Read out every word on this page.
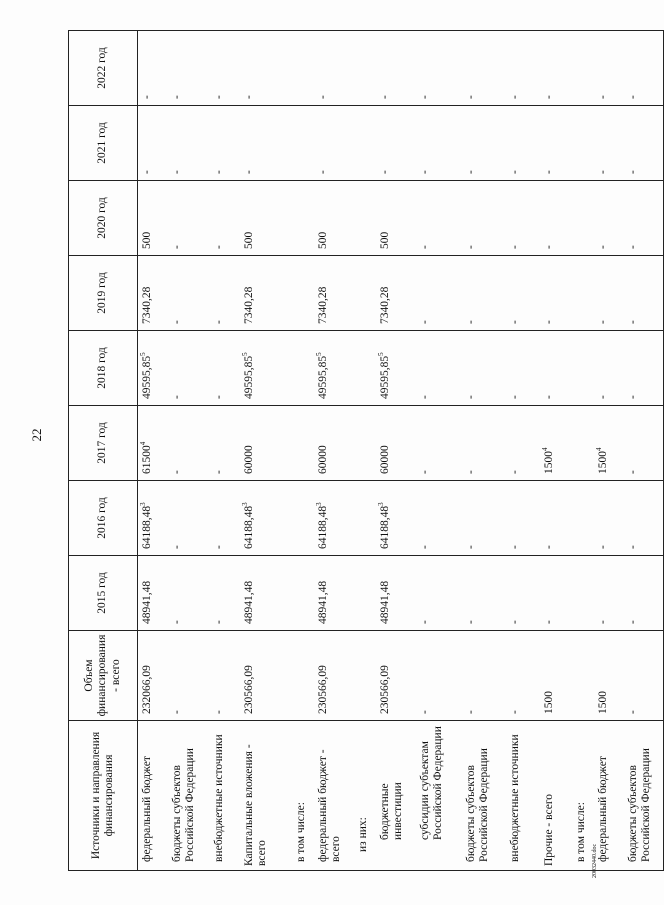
22
20032440.doc
Источники и направления финансирования	Объем финансирования - всего	2015 год	2016 год	2017 год	2018 год	2019 год	2020 год	2021 год	2022 год
федеральный бюджет	232066,09	48941,48	64188,48$^3$	61500$^4$	49595,85$^5$	7340,28	500	-	-
бюджеты субъектов Российской Федерации	-	-	-	-	-	-	-	-	-
внебюджетные источники	-	-	-	-	-	-	-	-	-
Капитальные вложения - всего	230566,09	48941,48	64188,48$^3$	60000	49595,85$^5$	7340,28	500	-	-
в том числе:									
федеральный бюджет - всего	230566,09	48941,48	64188,48$^3$	60000	49595,85$^5$	7340,28	500	-	-
из них:									
бюджетные инвестиции	230566,09	48941,48	64188,48$^3$	60000	49595,85$^5$	7340,28	500	-	-
субсидии субъектам Российской Федерации	-	-	-	-	-	-	-	-	-
бюджеты субъектов Российской Федерации	-	-	-	-	-	-	-	-	-
внебюджетные источники	-	-	-	-	-	-	-	-	-
Прочие - всего	1500	-	-	1500$^4$	-	-	-	-	-
в том числе:									
федеральный бюджет	1500	-	-	1500$^4$	-	-	-	-	-
бюджеты субъектов Российской Федерации	-	-	-	-	-	-	-	-	-
